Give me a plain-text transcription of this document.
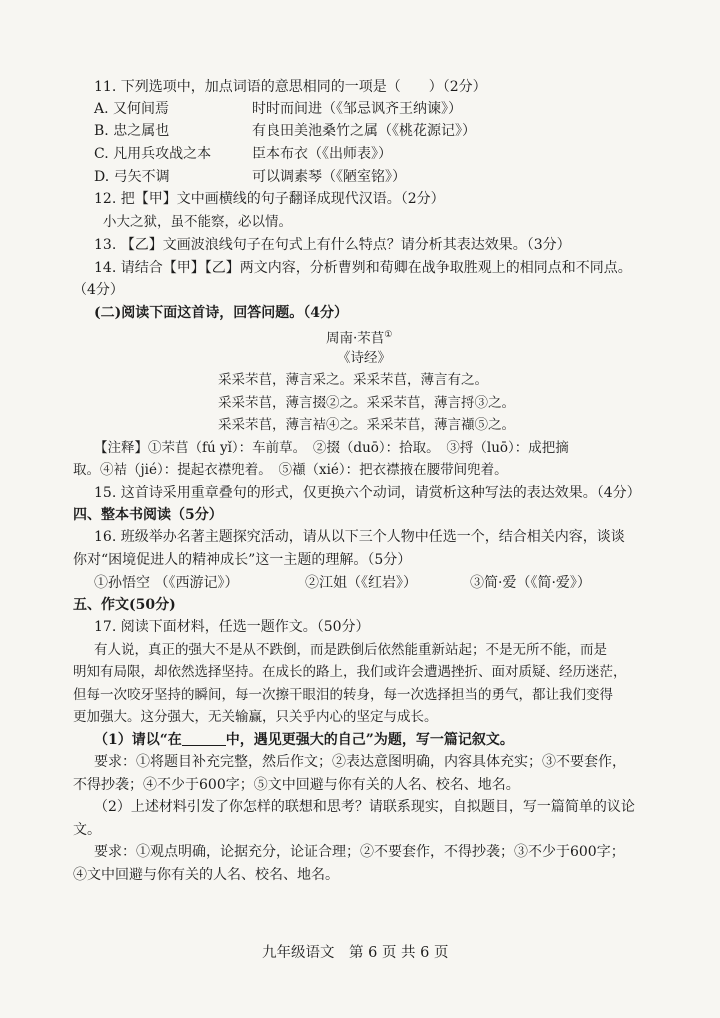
11. 下列选项中，加点词语的意思相同的一项是（　　）（2分）
A. 又何间焉	时时而间进（《邹忌讽齐王纳谏》）
B. 忠之属也	有良田美池桑竹之属（《桃花源记》）
C. 凡用兵攻战之本	臣本布衣（《出师表》）
D. 弓矢不调	可以调素琴（《陋室铭》）
12. 把【甲】文中画横线的句子翻译成现代汉语。（2分）
小大之狱，虽不能察，必以情。
13. 【乙】文画波浪线句子在句式上有什么特点？请分析其表达效果。（3分）
14. 请结合【甲】【乙】两文内容，分析曹刿和荀卿在战争取胜观上的相同点和不同点。
（4分）
(二)阅读下面这首诗，回答问题。（4分）
周南·芣苢①
《诗经》
采采芣苢，薄言采之。采采芣苢，薄言有之。
采采芣苢，薄言掇②之。采采芣苢，薄言捋③之。
采采芣苢，薄言袺④之。采采芣苢，薄言襭⑤之。
【注释】①芣苢（fú yǐ）：车前草。　②掇（duō）：拾取。　③捋（luō）：成把摘
取。④袺（jié）：提起衣襟兜着。　⑤襭（xié）：把衣襟掖在腰带间兜着。
15. 这首诗采用重章叠句的形式，仅更换六个动词，请赏析这种写法的表达效果。（4分）
四、整本书阅读（5分）
16. 班级举办名著主题探究活动，请从以下三个人物中任选一个，结合相关内容，谈谈
你对“困境促进人的精神成长”这一主题的理解。（5分）
①孙悟空 （《西游记》）	②江姐（《红岩》）	③简·爱（《简·爱》）
五、作文(50分)
17. 阅读下面材料，任选一题作文。（50分）
有人说，真正的强大不是从不跌倒，而是跌倒后依然能重新站起；不是无所不能，而是
明知有局限，却依然选择坚持。在成长的路上，我们或许会遭遇挫折、面对质疑、经历迷茫，
但每一次咬牙坚持的瞬间，每一次擦干眼泪的转身，每一次选择担当的勇气，都让我们变得
更加强大。这分强大，无关输赢，只关乎内心的坚定与成长。
（1）请以“在	中，遇见更强大的自己”为题，写一篇记叙文。
要求：①将题目补充完整，然后作文；②表达意图明确，内容具体充实；③不要套作，
不得抄袭；④不少于600字；⑤文中回避与你有关的人名、校名、地名。
（2）上述材料引发了你怎样的联想和思考？请联系现实，自拟题目，写一篇简单的议论
文。
要求：①观点明确，论据充分，论证合理；②不要套作，不得抄袭；③不少于600字；
④文中回避与你有关的人名、校名、地名。
九年级语文　第 6 页 共 6 页
